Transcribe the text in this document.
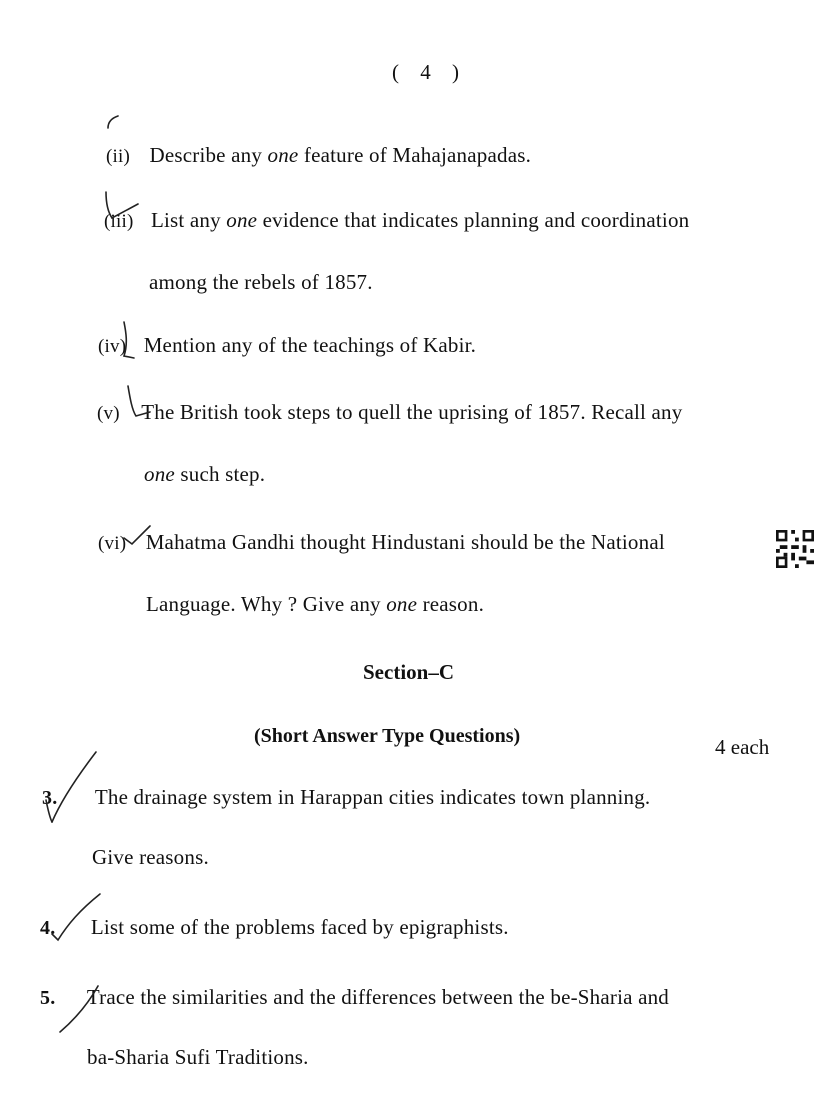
( 4 )
(ii) Describe any one feature of Mahajanapadas.
(iii) List any one evidence that indicates planning and coordination
among the rebels of 1857.
(iv) Mention any of the teachings of Kabir.
(v) The British took steps to quell the uprising of 1857. Recall any
one such step.
(vi) Mahatma Gandhi thought Hindustani should be the National
Language. Why ? Give any one reason.
Section–C
(Short Answer Type Questions)	4 each
3. The drainage system in Harappan cities indicates town planning.
Give reasons.
4. List some of the problems faced by epigraphists.
5. Trace the similarities and the differences between the be-Sharia and
ba-Sharia Sufi Traditions.
